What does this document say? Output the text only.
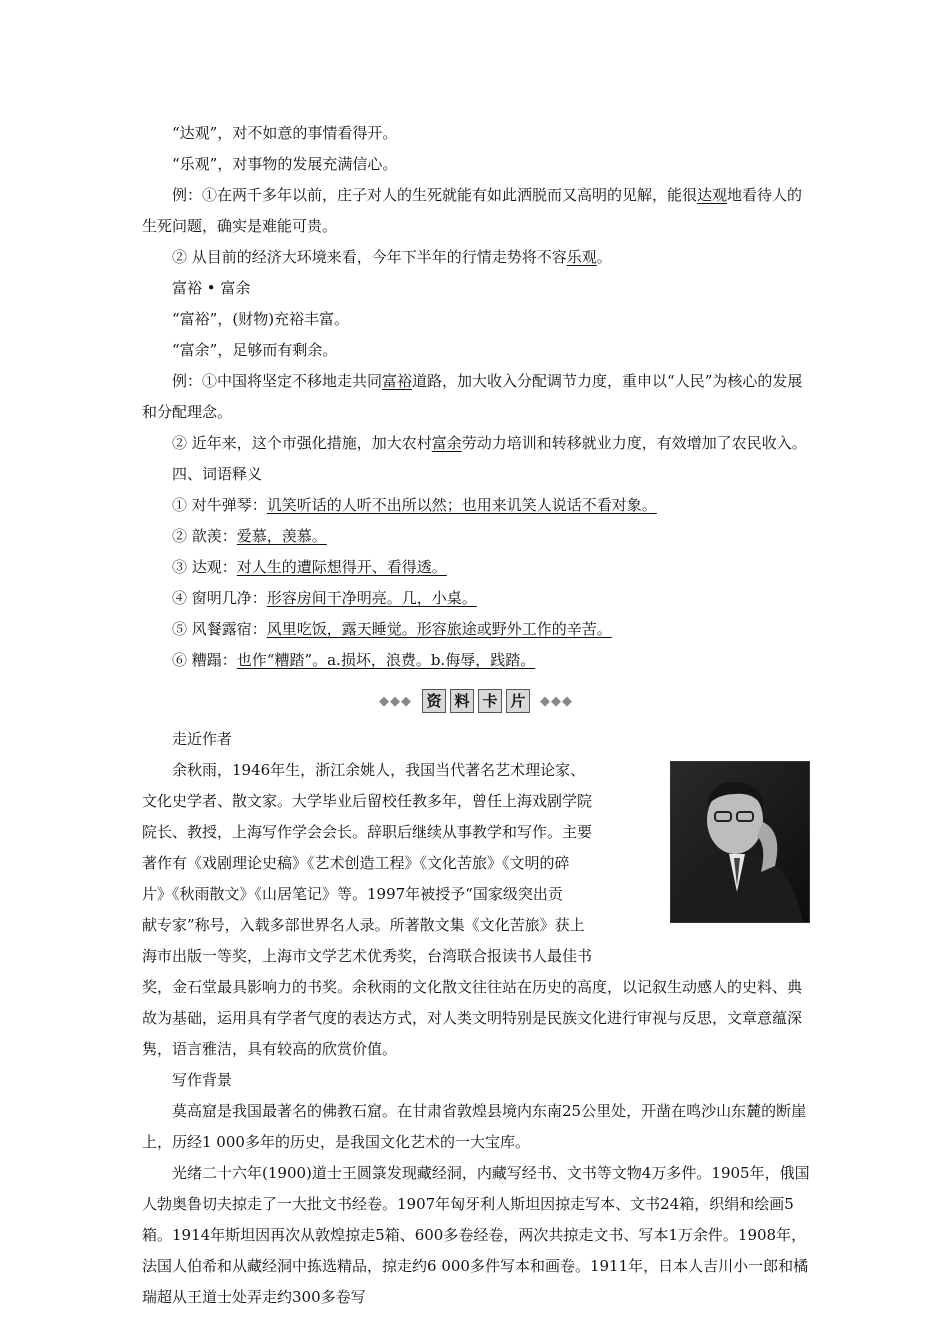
“达观”，对不如意的事情看得开。

“乐观”，对事物的发展充满信心。

例：①在两千多年以前，庄子对人的生死就能有如此洒脱而又高明的见解，能很达观地看待人的生死问题，确实是难能可贵。

② 从目前的经济大环境来看，今年下半年的行情走势将不容乐观。

富裕 • 富余

“富裕”，(财物)充裕丰富。

“富余”，足够而有剩余。

例：①中国将坚定不移地走共同富裕道路，加大收入分配调节力度，重申以“人民”为核心的发展和分配理念。

② 近年来，这个市强化措施，加大农村富余劳动力培训和转移就业力度，有效增加了农民收入。

四、词语释义

① 对牛弹琴：讥笑听话的人听不出所以然；也用来讥笑人说话不看对象。

② 歆羡：爱慕，羡慕。

③ 达观：对人生的遭际想得开、看得透。

④ 窗明几净：形容房间干净明亮。几，小桌。

⑤ 风餐露宿：风里吃饭，露天睡觉。形容旅途或野外工作的辛苦。

⑥ 糟蹋：也作“糟踏”。a.损坏，浪费。b.侮辱，践踏。

◆◆◆ 资 料 卡 片	◆◆◆

走近作者

余秋雨，1946年生，浙江余姚人，我国当代著名艺术理论家、

文化史学者、散文家。大学毕业后留校任教多年，曾任上海戏剧学院

院长、教授，上海写作学会会长。辞职后继续从事教学和写作。主要

著作有《戏剧理论史稿》《艺术创造工程》《文化苦旅》《文明的碎

片》《秋雨散文》《山居笔记》等。1997年被授予“国家级突出贡

献专家”称号，入载多部世界名人录。所著散文集《文化苦旅》获上

海市出版一等奖，上海市文学艺术优秀奖，台湾联合报读书人最佳书

奖，金石堂最具影响力的书奖。余秋雨的文化散文往往站在历史的高度，以记叙生动感人的史料、典故为基础，运用具有学者气度的表达方式，对人类文明特别是民族文化进行审视与反思，文章意蕴深隽，语言雅洁，具有较高的欣赏价值。

写作背景

莫高窟是我国最著名的佛教石窟。在甘肃省敦煌县境内东南25公里处，开凿在鸣沙山东麓的断崖上，历经1 000多年的历史，是我国文化艺术的一大宝库。

光绪二十六年(1900)道士王圆箓发现藏经洞，内藏写经书、文书等文物4万多件。1905年，俄国人勃奥鲁切夫掠走了一大批文书经卷。1907年匈牙利人斯坦因掠走写本、文书24箱，织绢和绘画5箱。1914年斯坦因再次从敦煌掠走5箱、600多卷经卷，两次共掠走文书、写本1万余件。1908年，法国人伯希和从藏经洞中拣选精品，掠走约6 000多件写本和画卷。1911年，日本人吉川小一郎和橘瑞超从王道士处弄走约300多卷写
